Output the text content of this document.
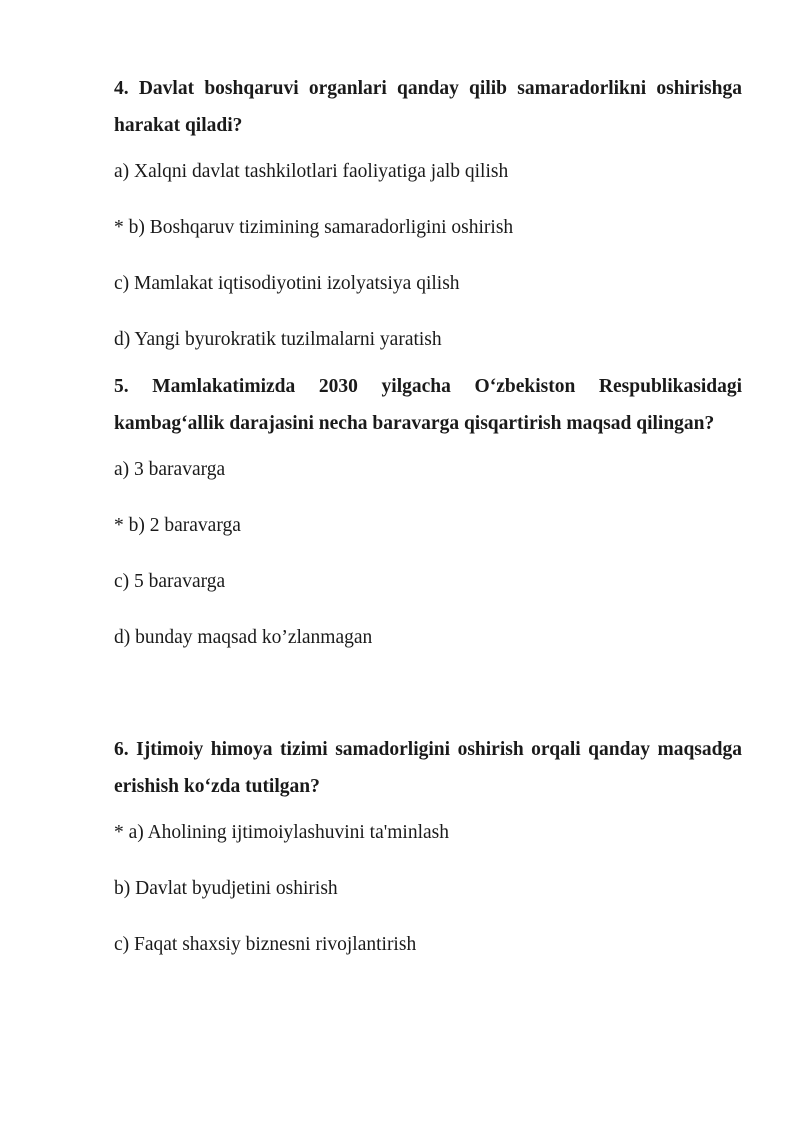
4. Davlat boshqaruvi organlari qanday qilib samaradorlikni oshirishga harakat qiladi?

a) Xalqni davlat tashkilotlari faoliyatiga jalb qilish

* b) Boshqaruv tizimining samaradorligini oshirish

c) Mamlakat iqtisodiyotini izolyatsiya qilish

d) Yangi byurokratik tuzilmalarni yaratish

5. Mamlakatimizda 2030 yilgacha O‘zbekiston Respublikasidagi kambag‘allik darajasini necha baravarga qisqartirish maqsad qilingan?

a) 3 baravarga

* b) 2 baravarga

c) 5 baravarga

d) bunday maqsad ko’zlanmagan

6. Ijtimoiy himoya tizimi samadorligini oshirish orqali qanday maqsadga erishish ko‘zda tutilgan?

* a) Aholining ijtimoiylashuvini ta'minlash

b) Davlat byudjetini oshirish

c) Faqat shaxsiy biznesni rivojlantirish
